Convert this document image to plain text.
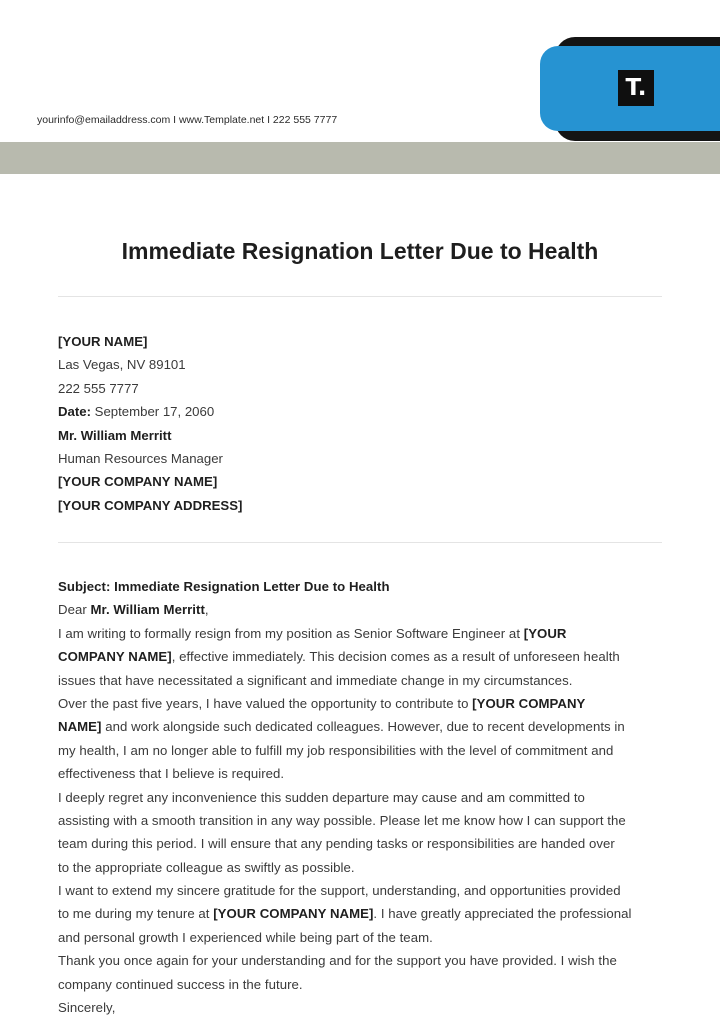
yourinfo@emailaddress.com I www.Template.net I 222 555 7777
T.
Immediate Resignation Letter Due to Health
[YOUR NAME]
Las Vegas, NV 89101
222 555 7777
Date: September 17, 2060
Mr. William Merritt
Human Resources Manager
[YOUR COMPANY NAME]
[YOUR COMPANY ADDRESS]
Subject: Immediate Resignation Letter Due to Health
Dear Mr. William Merritt,
I am writing to formally resign from my position as Senior Software Engineer at [YOUR
COMPANY NAME], effective immediately. This decision comes as a result of unforeseen health
issues that have necessitated a significant and immediate change in my circumstances.
Over the past five years, I have valued the opportunity to contribute to [YOUR COMPANY
NAME] and work alongside such dedicated colleagues. However, due to recent developments in
my health, I am no longer able to fulfill my job responsibilities with the level of commitment and
effectiveness that I believe is required.
I deeply regret any inconvenience this sudden departure may cause and am committed to
assisting with a smooth transition in any way possible. Please let me know how I can support the
team during this period. I will ensure that any pending tasks or responsibilities are handed over
to the appropriate colleague as swiftly as possible.
I want to extend my sincere gratitude for the support, understanding, and opportunities provided
to me during my tenure at [YOUR COMPANY NAME]. I have greatly appreciated the professional
and personal growth I experienced while being part of the team.
Thank you once again for your understanding and for the support you have provided. I wish the
company continued success in the future.
Sincerely,
